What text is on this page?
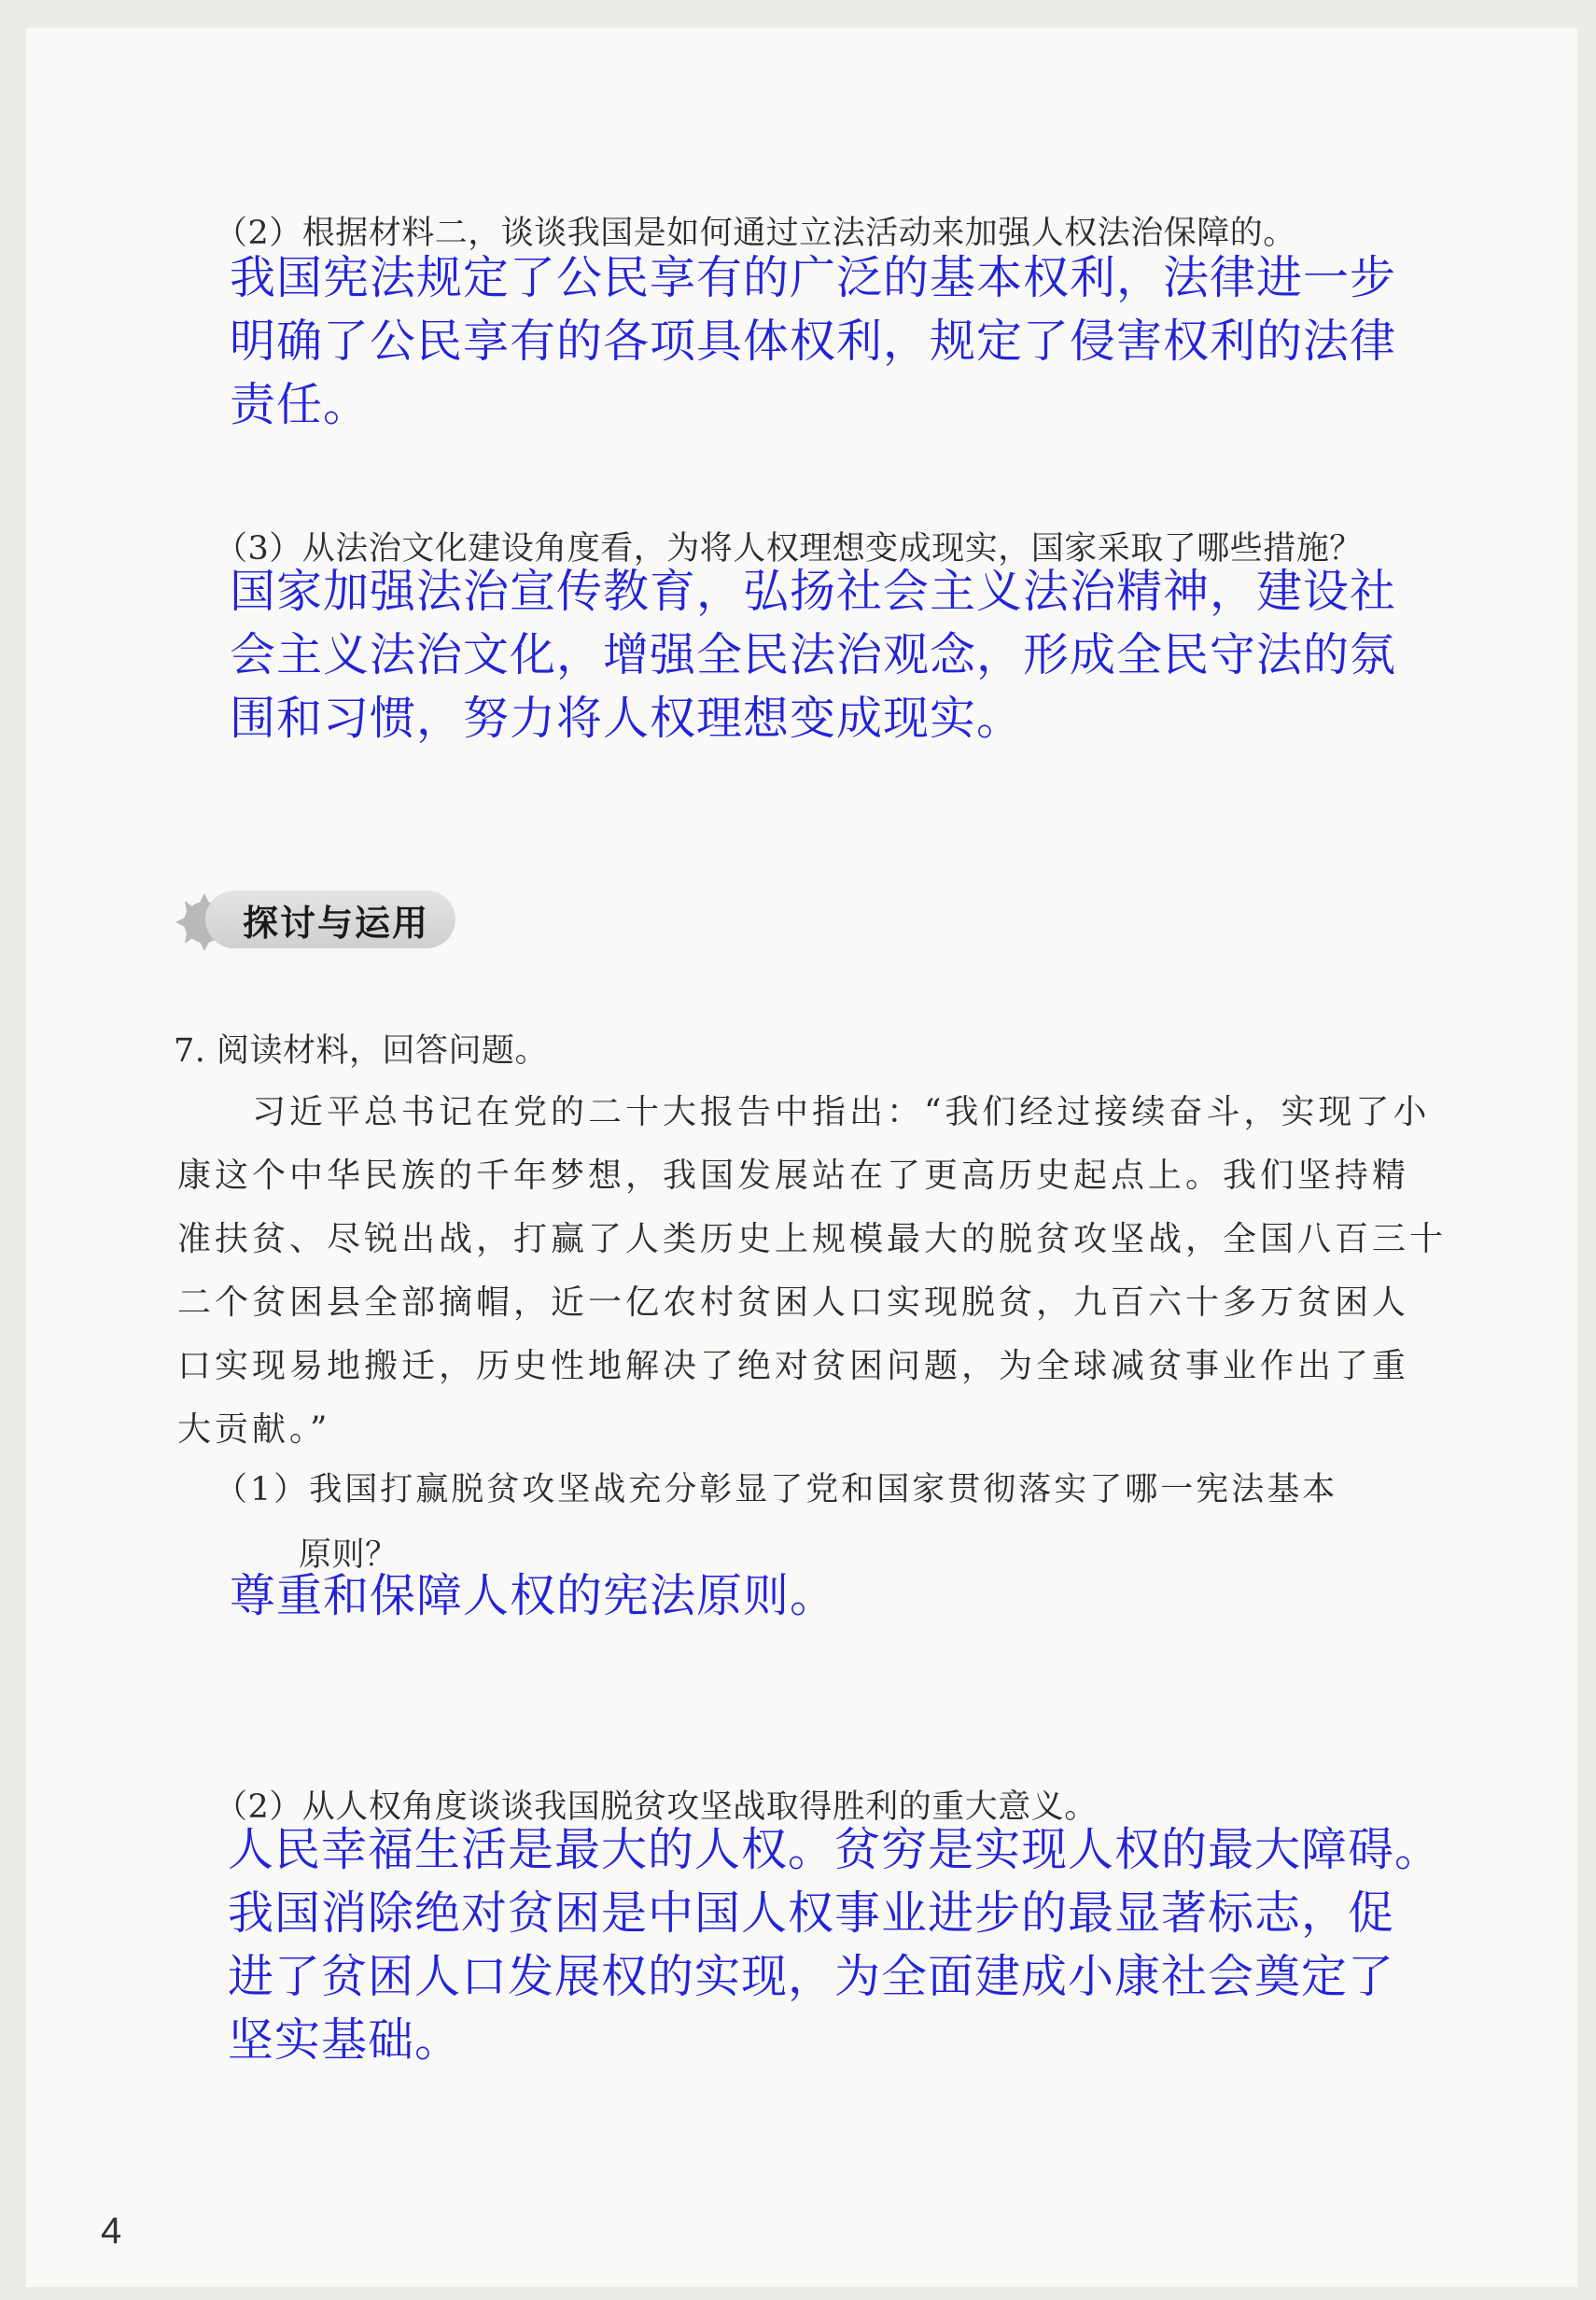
（2）根据材料二，谈谈我国是如何通过立法活动来加强人权法治保障的。
我国宪法规定了公民享有的广泛的基本权利，法律进一步
明确了公民享有的各项具体权利，规定了侵害权利的法律
责任。
（3）从法治文化建设角度看，为将人权理想变成现实，国家采取了哪些措施？
国家加强法治宣传教育，弘扬社会主义法治精神，建设社
会主义法治文化，增强全民法治观念，形成全民守法的氛
围和习惯，努力将人权理想变成现实。
探讨与运用
7. 阅读材料，回答问题。
　　习近平总书记在党的二十大报告中指出：“我们经过接续奋斗，实现了小
康这个中华民族的千年梦想，我国发展站在了更高历史起点上。我们坚持精
准扶贫、尽锐出战，打赢了人类历史上规模最大的脱贫攻坚战，全国八百三十
二个贫困县全部摘帽，近一亿农村贫困人口实现脱贫，九百六十多万贫困人
口实现易地搬迁，历史性地解决了绝对贫困问题，为全球减贫事业作出了重
大贡献。”
（1）我国打赢脱贫攻坚战充分彰显了党和国家贯彻落实了哪一宪法基本
原则？
尊重和保障人权的宪法原则。
（2）从人权角度谈谈我国脱贫攻坚战取得胜利的重大意义。
人民幸福生活是最大的人权。贫穷是实现人权的最大障碍。
我国消除绝对贫困是中国人权事业进步的最显著标志，促
进了贫困人口发展权的实现，为全面建成小康社会奠定了
坚实基础。
4
